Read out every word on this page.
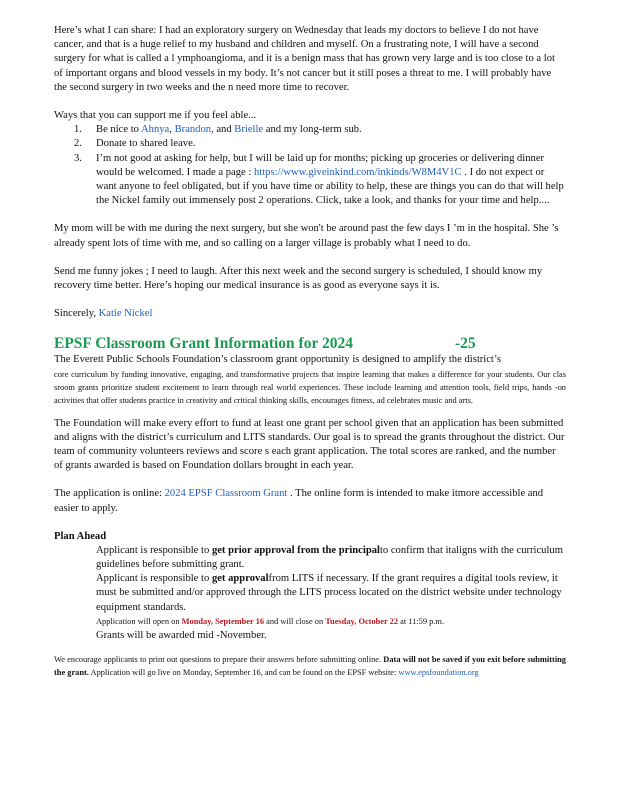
Here’s what I can share: I had an exploratory surgery on Wednesday that leads my doctors to believe I do not have cancer, and that is a huge relief to my husband and children and myself. On a frustrating note, I will have a second surgery for what is called a l ymphoangioma, and it is a benign mass that has grown very large and is too close to a lot of important organs and blood vessels in my body. It’s not cancer but it still poses a threat to me. I will probably have the second surgery in two weeks and the n need more time to recover.

Ways that you can support me if you feel able...

1. Be nice to Ahnya, Brandon, and Brielle and my long-term sub.
2. Donate to shared leave.
3. I’m not good at asking for help, but I will be laid up for months; picking up groceries or delivering dinner would be welcomed. I made a page : https://www.giveinkind.com/inkinds/W8M4V1C . I do not expect or want anyone to feel obligated, but if you have time or ability to help, these are things you can do that will help the Nickel family out immensely post 2 operations. Click, take a look, and thanks for your time and help....

My mom will be with me during the next surgery, but she won't be around past the few days I ’m in the hospital. She ’s already spent lots of time with me, and so calling on a larger village is probably what I need to do.

Send me funny jokes ; I need to laugh. After this next week and the second surgery is scheduled, I should know my recovery time better. Here’s hoping our medical insurance is as good as everyone says it is.

Sincerely, Katie Nickel

EPSF Classroom Grant Information for 2024	-25

The Everett Public Schools Foundation’s classroom grant opportunity is designed to amplify the district’s

core curriculum by funding innovative, engaging, and transformative projects that inspire learning that makes a difference for your students. Our clas sroom grants prioritize student excitement to learn through real world experiences. These include learning and attention tools, field trips, hands -on activities that offer students practice in creativity and critical thinking skills, encourages fitness, ad celebrates music and arts.

The Foundation will make every effort to fund at least one grant per school given that an application has been submitted and aligns with the district’s curriculum and LITS standards. Our goal is to spread the grants throughout the district. Our team of community volunteers reviews and score s each grant application. The total scores are ranked, and the number of grants awarded is based on Foundation dollars brought in each year.

The application is online: 2024 EPSF Classroom Grant . The online form is intended to make itmore accessible and easier to apply.

Plan Ahead
Applicant is responsible to get prior approval from the principalto confirm that italigns with the curriculum guidelines before submitting grant.
Applicant is responsible to get approvalfrom LITS if necessary. If the grant requires a digital tools review, it must be submitted and/or approved through the LITS process located on the district website under technology equipment standards.
Application will open on Monday, September 16 and will close on Tuesday, October 22 at 11:59 p.m.
Grants will be awarded mid -November.

We encourage applicants to print out questions to prepare their answers before submitting online. Data will not be saved if you exit before submitting the grant. Application will go live on Monday, September 16, and can be found on the EPSF website: www.epsfoundation.org
